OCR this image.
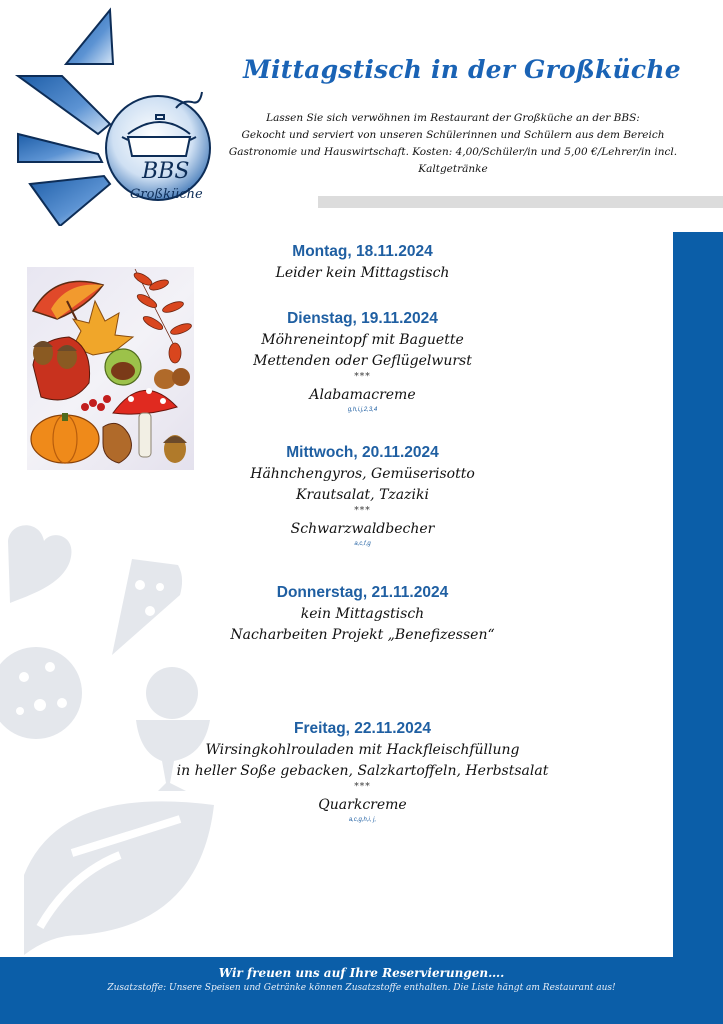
BBS
Großküche
Mittagstisch in der Großküche
Lassen Sie sich verwöhnen im Restaurant der Großküche an der BBS:
Gekocht und serviert von unseren Schülerinnen und Schülern aus dem Bereich
Gastronomie und Hauswirtschaft. Kosten: 4,00/Schüler/in und 5,00 €/Lehrer/in incl.
Kaltgetränke
Montag, 18.11.2024
Leider kein Mittagstisch
Dienstag, 19.11.2024
Möhreneintopf mit Baguette
Mettenden oder Geflügelwurst
***
Alabamacreme
g,h,i,j,2,3,4
Mittwoch, 20.11.2024
Hähnchengyros, Gemüserisotto
Krautsalat, Tzaziki
***
Schwarzwaldbecher
a,c,f,g
Donnerstag, 21.11.2024
kein Mittagstisch
Nacharbeiten Projekt „Benefizessen“
Freitag, 22.11.2024
Wirsingkohlrouladen mit Hackfleischfüllung
in heller Soße gebacken, Salzkartoffeln, Herbstsalat
***
Quarkcreme
a,c,g,h,i, j,
Wir freuen uns auf Ihre Reservierungen….
Zusatzstoffe: Unsere Speisen und Getränke können Zusatzstoffe enthalten. Die Liste hängt am Restaurant aus!
